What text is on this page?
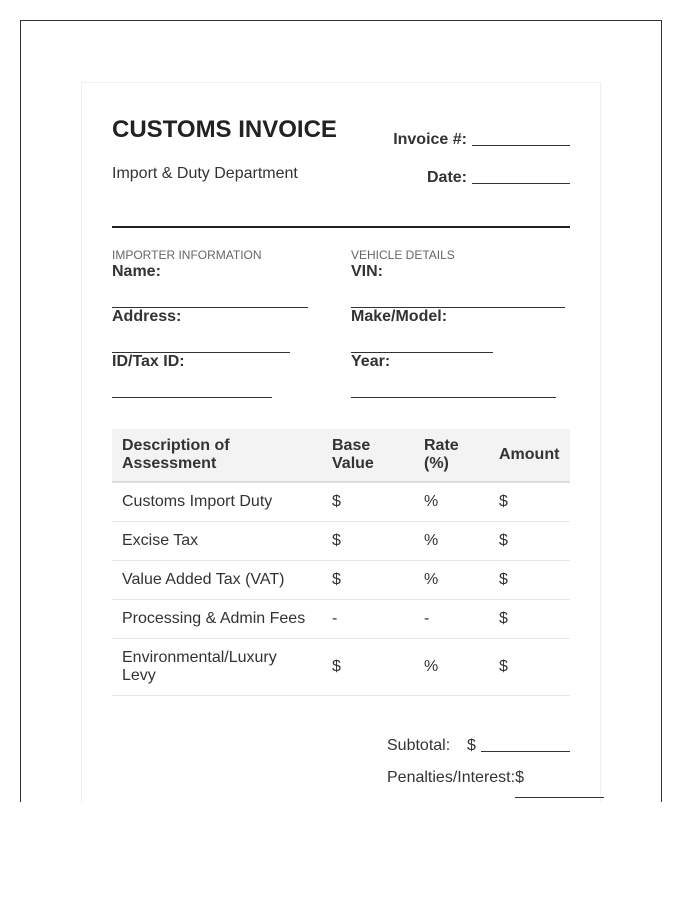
CUSTOMS INVOICE
Import & Duty Department
Invoice #:
Date:
IMPORTER INFORMATION
Name:
Address:
ID/Tax ID:
VEHICLE DETAILS
VIN:
Make/Model:
Year:
Description of Assessment	Base Value	Rate (%)	Amount
Customs Import Duty	$	%	$
Excise Tax	$	%	$
Value Added Tax (VAT)	$	%	$
Processing & Admin Fees	-	-	$
Environmental/Luxury Levy	$	%	$
Subtotal:	$
Penalties/Interest: $
